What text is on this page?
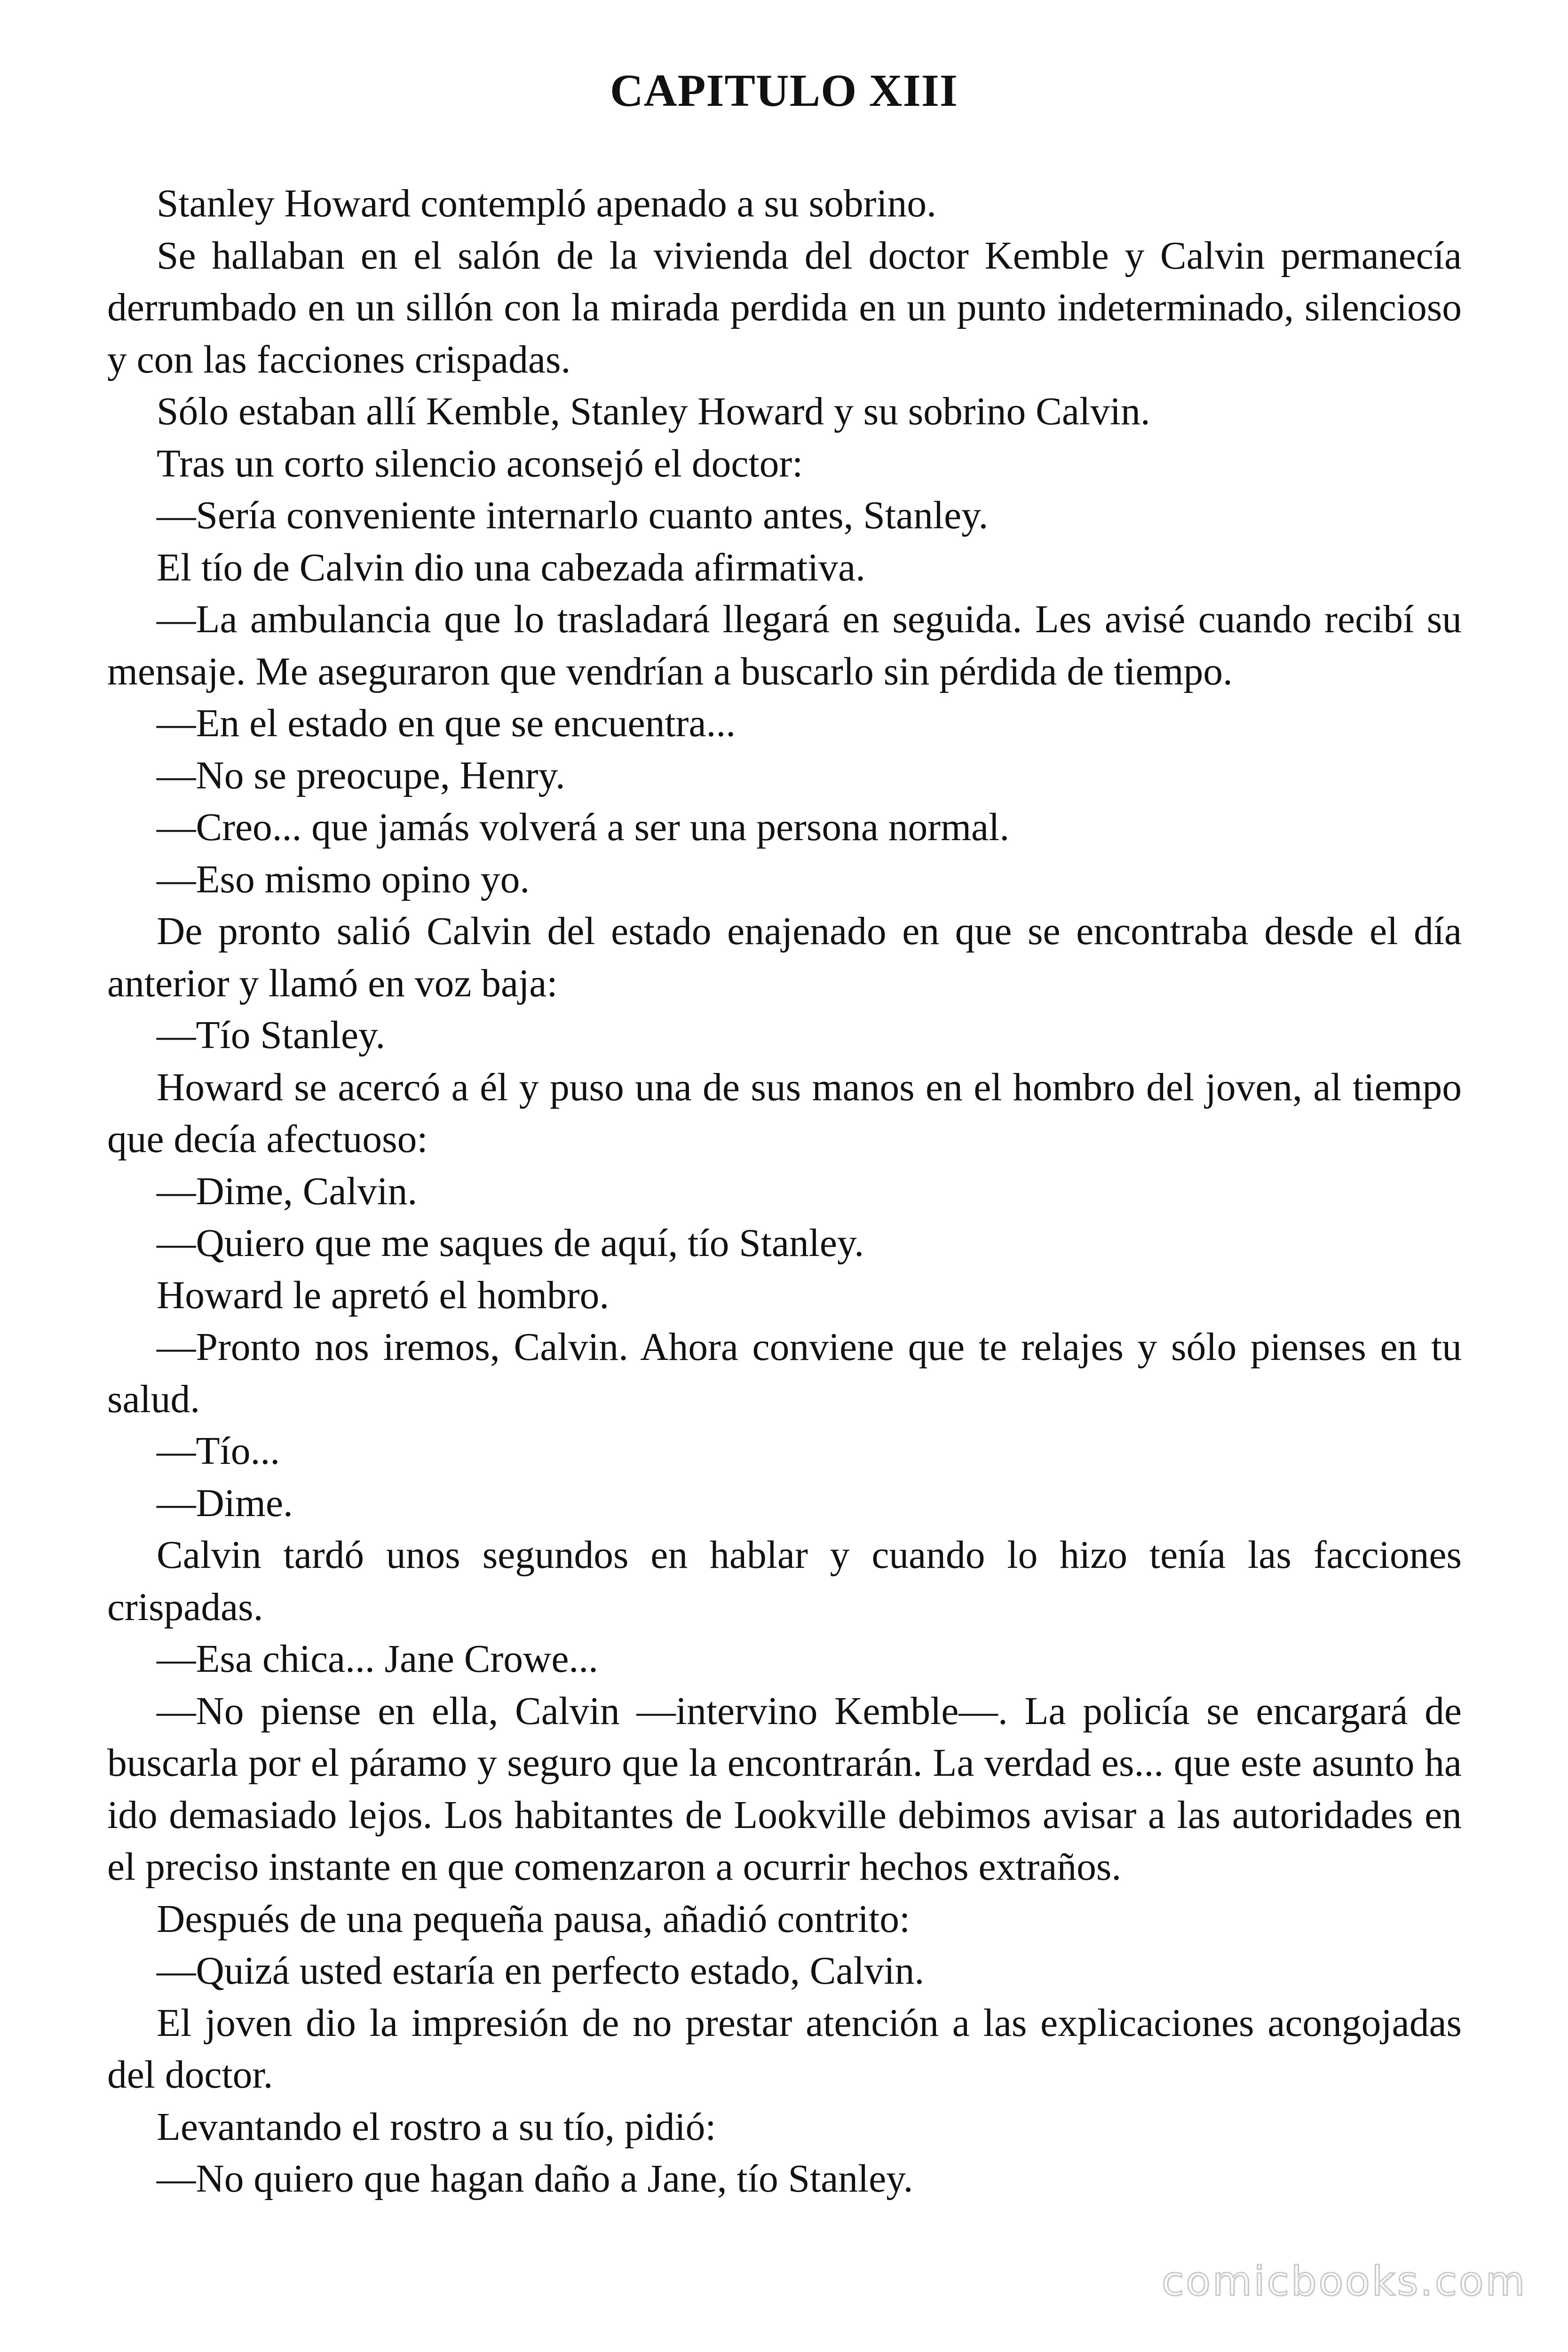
CAPITULO XIII

Stanley Howard contempló apenado a su sobrino.

Se hallaban en el salón de la vivienda del doctor Kemble y Calvin permanecía derrumbado en un sillón con la mirada perdida en un punto indeterminado, silencioso y con las facciones crispadas.

Sólo estaban allí Kemble, Stanley Howard y su sobrino Calvin.

Tras un corto silencio aconsejó el doctor:

—Sería conveniente internarlo cuanto antes, Stanley.

El tío de Calvin dio una cabezada afirmativa.

—La ambulancia que lo trasladará llegará en seguida. Les avisé cuando recibí su mensaje. Me aseguraron que vendrían a buscarlo sin pérdida de tiempo.

—En el estado en que se encuentra...

—No se preocupe, Henry.

—Creo... que jamás volverá a ser una persona normal.

—Eso mismo opino yo.

De pronto salió Calvin del estado enajenado en que se encontraba desde el día anterior y llamó en voz baja:

—Tío Stanley.

Howard se acercó a él y puso una de sus manos en el hombro del joven, al tiempo que decía afectuoso:

—Dime, Calvin.

—Quiero que me saques de aquí, tío Stanley.

Howard le apretó el hombro.

—Pronto nos iremos, Calvin. Ahora conviene que te relajes y sólo pienses en tu salud.

—Tío...

—Dime.

Calvin tardó unos segundos en hablar y cuando lo hizo tenía las facciones crispadas.

—Esa chica... Jane Crowe...

—No piense en ella, Calvin —intervino Kemble—. La policía se encargará de buscarla por el páramo y seguro que la encontrarán. La verdad es... que este asunto ha ido demasiado lejos. Los habitantes de Lookville debimos avisar a las autoridades en el preciso instante en que comenzaron a ocurrir hechos extraños.

Después de una pequeña pausa, añadió contrito:

—Quizá usted estaría en perfecto estado, Calvin.

El joven dio la impresión de no prestar atención a las explicaciones acongojadas del doctor.

Levantando el rostro a su tío, pidió:

—No quiero que hagan daño a Jane, tío Stanley.

comicbooks.com
